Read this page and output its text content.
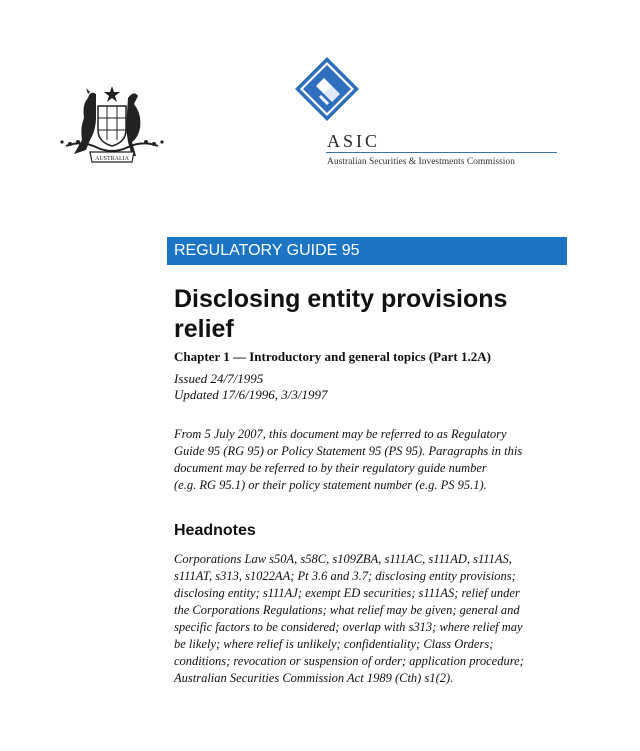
AUSTRALIA
ASIC
Australian Securities & Investments Commission
REGULATORY GUIDE 95
Disclosing entity provisions
relief
Chapter 1 — Introductory and general topics (Part 1.2A)
Issued 24/7/1995
Updated 17/6/1996, 3/3/1997
From 5 July 2007, this document may be referred to as Regulatory
Guide 95 (RG 95) or Policy Statement 95 (PS 95). Paragraphs in this
document may be referred to by their regulatory guide number
(e.g. RG 95.1) or their policy statement number (e.g. PS 95.1).
Headnotes
Corporations Law s50A, s58C, s109ZBA, s111AC, s111AD, s111AS,
s111AT, s313, s1022AA; Pt 3.6 and 3.7; disclosing entity provisions;
disclosing entity; s111AJ; exempt ED securities; s111AS; relief under
the Corporations Regulations; what relief may be given; general and
specific factors to be considered; overlap with s313; where relief may
be likely; where relief is unlikely; confidentiality; Class Orders;
conditions; revocation or suspension of order; application procedure;
Australian Securities Commission Act 1989 (Cth) s1(2).
